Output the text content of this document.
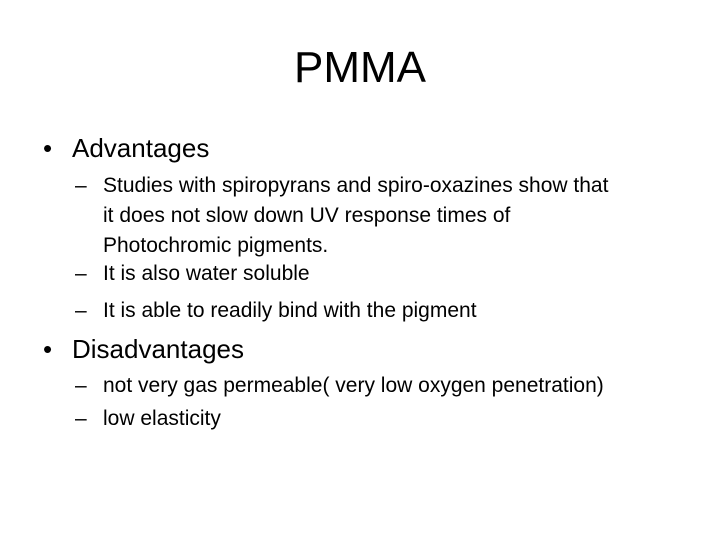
PMMA
• Advantages
– Studies with spiropyrans and spiro-oxazines show that
it does not slow down UV response times of
Photochromic pigments.
– It is also water soluble
– It is able to readily bind with the pigment
• Disadvantages
– not very gas permeable( very low oxygen penetration)
– low elasticity
